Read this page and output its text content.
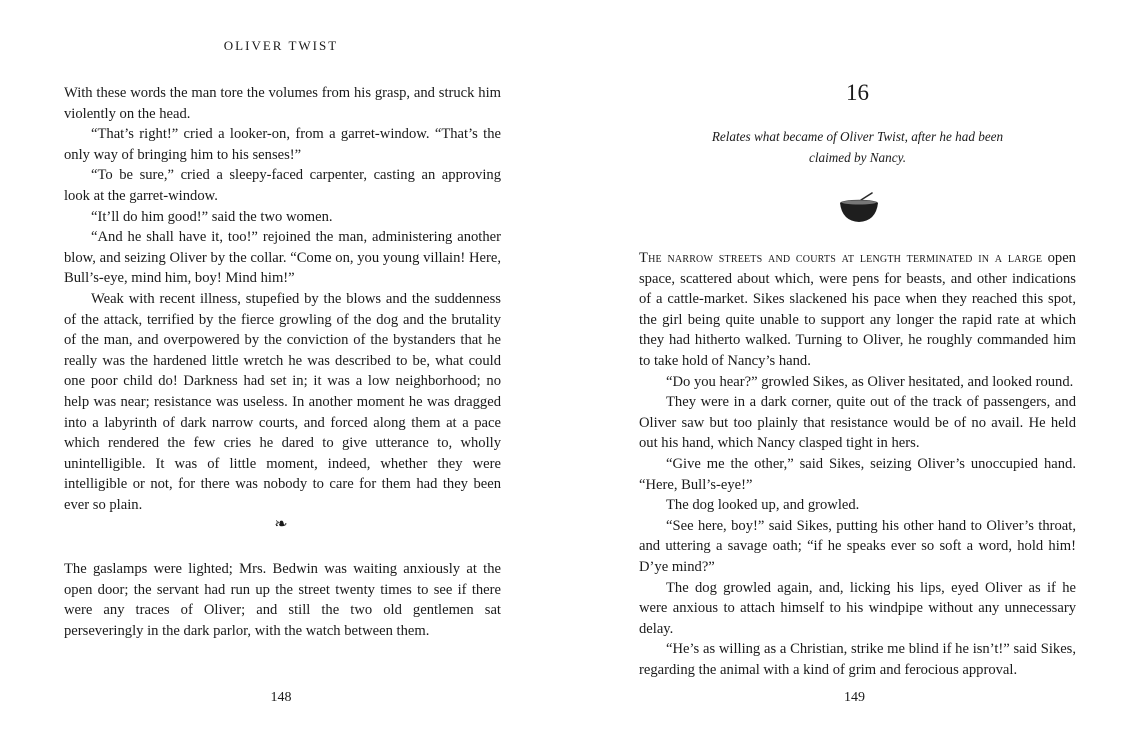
OLIVER TWIST

With these words the man tore the volumes from his grasp, and struck him violently on the head.

“That’s right!” cried a looker-on, from a garret-window. “That’s the only way of bringing him to his senses!”

“To be sure,” cried a sleepy-faced carpenter, casting an approving look at the garret-window.

“It’ll do him good!” said the two women.

“And he shall have it, too!” rejoined the man, administering another blow, and seizing Oliver by the collar. “Come on, you young villain! Here, Bull’s-eye, mind him, boy! Mind him!”

Weak with recent illness, stupefied by the blows and the suddenness of the attack, terrified by the fierce growling of the dog and the brutality of the man, and overpowered by the conviction of the bystanders that he really was the hardened little wretch he was described to be, what could one poor child do! Darkness had set in; it was a low neighborhood; no help was near; resistance was useless. In another moment he was dragged into a labyrinth of dark narrow courts, and forced along them at a pace which rendered the few cries he dared to give utterance to, wholly unintelligible. It was of little moment, indeed, whether they were intelligible or not, for there was nobody to care for them had they been ever so plain.

❧

The gaslamps were lighted; Mrs. Bedwin was waiting anxiously at the open door; the servant had run up the street twenty times to see if there were any traces of Oliver; and still the two old gentlemen sat perseveringly in the dark parlor, with the watch between them.

148
16
Relates what became of Oliver Twist, after he had been claimed by Nancy.

The narrow streets and courts at length terminated in a large open space, scattered about which, were pens for beasts, and other indications of a cattle-market. Sikes slackened his pace when they reached this spot, the girl being quite unable to support any longer the rapid rate at which they had hitherto walked. Turning to Oliver, he roughly commanded him to take hold of Nancy’s hand.

“Do you hear?” growled Sikes, as Oliver hesitated, and looked round.

They were in a dark corner, quite out of the track of passengers, and Oliver saw but too plainly that resistance would be of no avail. He held out his hand, which Nancy clasped tight in hers.

“Give me the other,” said Sikes, seizing Oliver’s unoccupied hand. “Here, Bull’s-eye!”

The dog looked up, and growled.

“See here, boy!” said Sikes, putting his other hand to Oliver’s throat, and uttering a savage oath; “if he speaks ever so soft a word, hold him! D’ye mind?”

The dog growled again, and, licking his lips, eyed Oliver as if he were anxious to attach himself to his windpipe without any unnecessary delay.

“He’s as willing as a Christian, strike me blind if he isn’t!” said Sikes, regarding the animal with a kind of grim and ferocious approval.

149
